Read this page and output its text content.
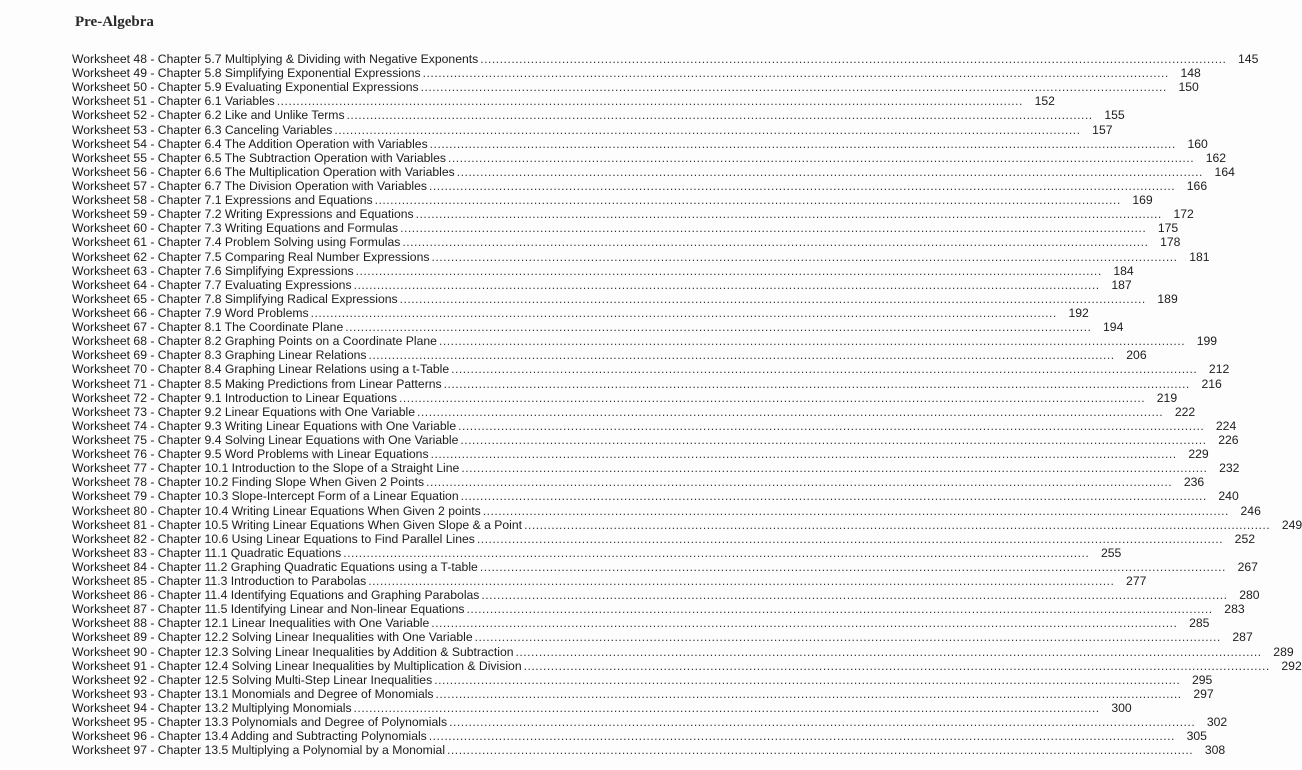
Pre-Algebra
Worksheet 48 - Chapter 5.7 Multiplying & Dividing with Negative Exponents .....	145
Worksheet 49 - Chapter 5.8 Simplifying Exponential Expressions .....	148
Worksheet 50 - Chapter 5.9 Evaluating Exponential Expressions .....	150
Worksheet 51 - Chapter 6.1 Variables .....	152
Worksheet 52 - Chapter 6.2 Like and Unlike Terms .....	155
Worksheet 53 - Chapter 6.3 Canceling Variables .....	157
Worksheet 54 - Chapter 6.4 The Addition Operation with Variables .....	160
Worksheet 55 - Chapter 6.5 The Subtraction Operation with Variables .....	162
Worksheet 56 - Chapter 6.6 The Multiplication Operation with Variables .....	164
Worksheet 57 - Chapter 6.7 The Division Operation with Variables .....	166
Worksheet 58 - Chapter 7.1 Expressions and Equations .....	169
Worksheet 59 - Chapter 7.2 Writing Expressions and Equations .....	172
Worksheet 60 - Chapter 7.3 Writing Equations and Formulas .....	175
Worksheet 61 - Chapter 7.4 Problem Solving using Formulas .....	178
Worksheet 62 - Chapter 7.5 Comparing Real Number Expressions .....	181
Worksheet 63 - Chapter 7.6 Simplifying Expressions .....	184
Worksheet 64 - Chapter 7.7 Evaluating Expressions .....	187
Worksheet 65 - Chapter 7.8 Simplifying Radical Expressions .....	189
Worksheet 66 - Chapter 7.9 Word Problems .....	192
Worksheet 67 - Chapter 8.1 The Coordinate Plane .....	194
Worksheet 68 - Chapter 8.2 Graphing Points on a Coordinate Plane .....	199
Worksheet 69 - Chapter 8.3 Graphing Linear Relations .....	206
Worksheet 70 - Chapter 8.4 Graphing Linear Relations using a t-Table .....	212
Worksheet 71 - Chapter 8.5 Making Predictions from Linear Patterns .....	216
Worksheet 72 - Chapter 9.1 Introduction to Linear Equations .....	219
Worksheet 73 - Chapter 9.2 Linear Equations with One Variable .....	222
Worksheet 74 - Chapter 9.3 Writing Linear Equations with One Variable .....	224
Worksheet 75 - Chapter 9.4 Solving Linear Equations with One Variable .....	226
Worksheet 76 - Chapter 9.5 Word Problems with Linear Equations .....	229
Worksheet 77 - Chapter 10.1 Introduction to the Slope of a Straight Line .....	232
Worksheet 78 - Chapter 10.2 Finding Slope When Given 2 Points .....	236
Worksheet 79 - Chapter 10.3 Slope-Intercept Form of a Linear Equation .....	240
Worksheet 80 - Chapter 10.4 Writing Linear Equations When Given 2 points .....	246
Worksheet 81 - Chapter 10.5 Writing Linear Equations When Given Slope & a Point .....	249
Worksheet 82 - Chapter 10.6 Using Linear Equations to Find Parallel Lines .....	252
Worksheet 83 - Chapter 11.1 Quadratic Equations .....	255
Worksheet 84 - Chapter 11.2 Graphing Quadratic Equations using a T-table .....	267
Worksheet 85 - Chapter 11.3 Introduction to Parabolas .....	277
Worksheet 86 - Chapter 11.4 Identifying Equations and Graphing Parabolas .....	280
Worksheet 87 - Chapter 11.5 Identifying Linear and Non-linear Equations .....	283
Worksheet 88 - Chapter 12.1 Linear Inequalities with One Variable .....	285
Worksheet 89 - Chapter 12.2 Solving Linear Inequalities with One Variable .....	287
Worksheet 90 - Chapter 12.3 Solving Linear Inequalities by Addition & Subtraction .....	289
Worksheet 91 - Chapter 12.4 Solving Linear Inequalities by Multiplication & Division .....	292
Worksheet 92 - Chapter 12.5 Solving Multi-Step Linear Inequalities .....	295
Worksheet 93 - Chapter 13.1 Monomials and Degree of Monomials .....	297
Worksheet 94 - Chapter 13.2 Multiplying Monomials .....	300
Worksheet 95 - Chapter 13.3 Polynomials and Degree of Polynomials .....	302
Worksheet 96 - Chapter 13.4 Adding and Subtracting Polynomials .....	305
Worksheet 97 - Chapter 13.5 Multiplying a Polynomial by a Monomial .....	308
